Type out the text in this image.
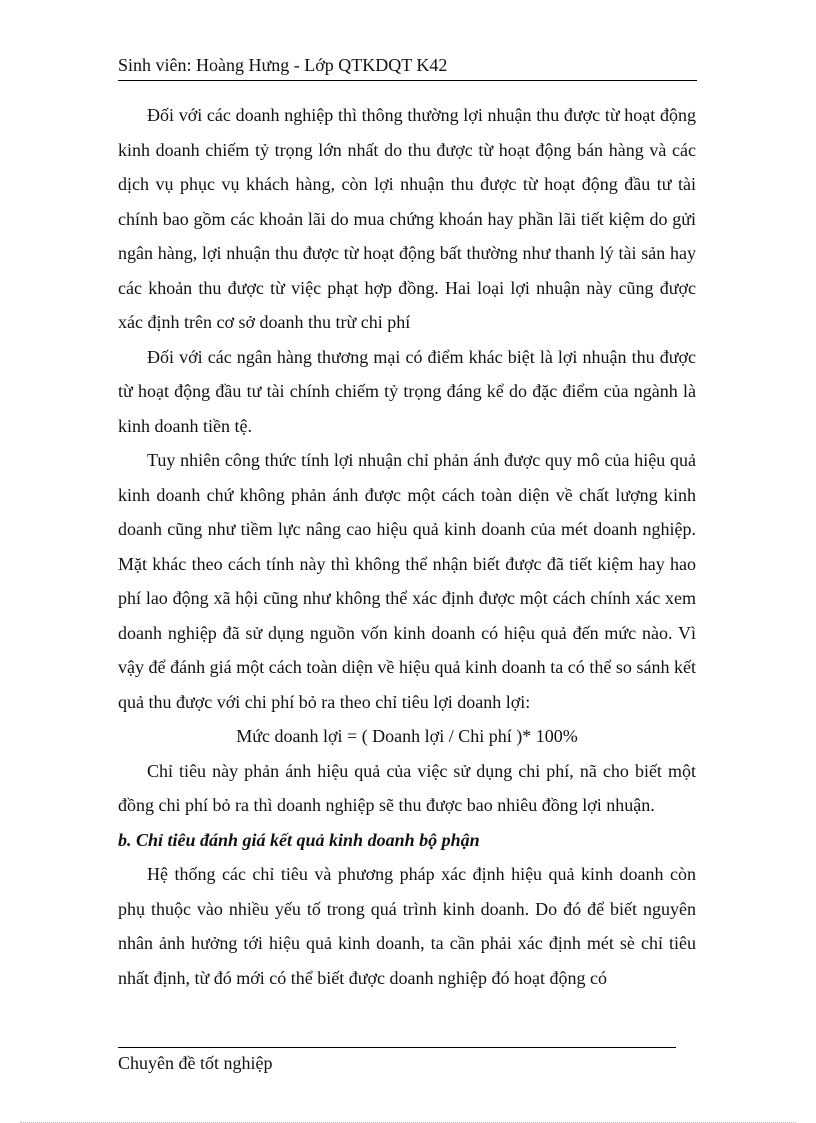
Sinh viên: Hoàng Hưng - Lớp QTKDQT K42

Đối với các doanh nghiệp thì thông thường lợi nhuận thu được từ hoạt động kinh doanh chiếm tỷ trọng lớn nhất do thu được từ hoạt động bán hàng và các dịch vụ phục vụ khách hàng, còn lợi nhuận thu được từ hoạt động đầu tư tài chính bao gồm các khoản lãi do mua chứng khoán hay phần lãi tiết kiệm do gửi ngân hàng, lợi nhuận thu được từ hoạt động bất thường như thanh lý tài sản hay các khoản thu được từ việc phạt hợp đồng. Hai loại lợi nhuận này cũng được xác định trên cơ sở doanh thu trừ chi phí

Đối với các ngân hàng thương mại có điểm khác biệt là lợi nhuận thu được từ hoạt động đầu tư tài chính chiếm tỷ trọng đáng kể do đặc điểm của ngành là kinh doanh tiền tệ.

Tuy nhiên công thức tính lợi nhuận chỉ phản ánh được quy mô của hiệu quả kinh doanh chứ không phản ánh được một cách toàn diện về chất lượng kinh doanh cũng như tiềm lực nâng cao hiệu quả kinh doanh của mét doanh nghiệp. Mặt khác theo cách tính này thì không thể nhận biết được đã tiết kiệm hay hao phí lao động xã hội cũng như không thể xác định được một cách chính xác xem doanh nghiệp đã sử dụng nguồn vốn kinh doanh có hiệu quả đến mức nào. Vì vậy để đánh giá một cách toàn diện về hiệu quả kinh doanh ta có thể so sánh kết quả thu được với chi phí bỏ ra theo chỉ tiêu lợi doanh lợi:

Mức doanh lợi = ( Doanh lợi / Chi phí )* 100%

Chỉ tiêu này phản ánh hiệu quả của việc sử dụng chi phí, nã cho biết một đồng chi phí bỏ ra thì doanh nghiệp sẽ thu được bao nhiêu đồng lợi nhuận.

b. Chỉ tiêu đánh giá kết quả kinh doanh bộ phận

Hệ thống các chỉ tiêu và phương pháp xác định hiệu quả kinh doanh còn phụ thuộc vào nhiều yếu tố trong quá trình kinh doanh. Do đó để biết nguyên nhân ảnh hưởng tới hiệu quả kinh doanh, ta cần phải xác định mét sè chỉ tiêu nhất định, từ đó mới có thể biết được doanh nghiệp đó hoạt động có

Chuyên đề tốt nghiệp
